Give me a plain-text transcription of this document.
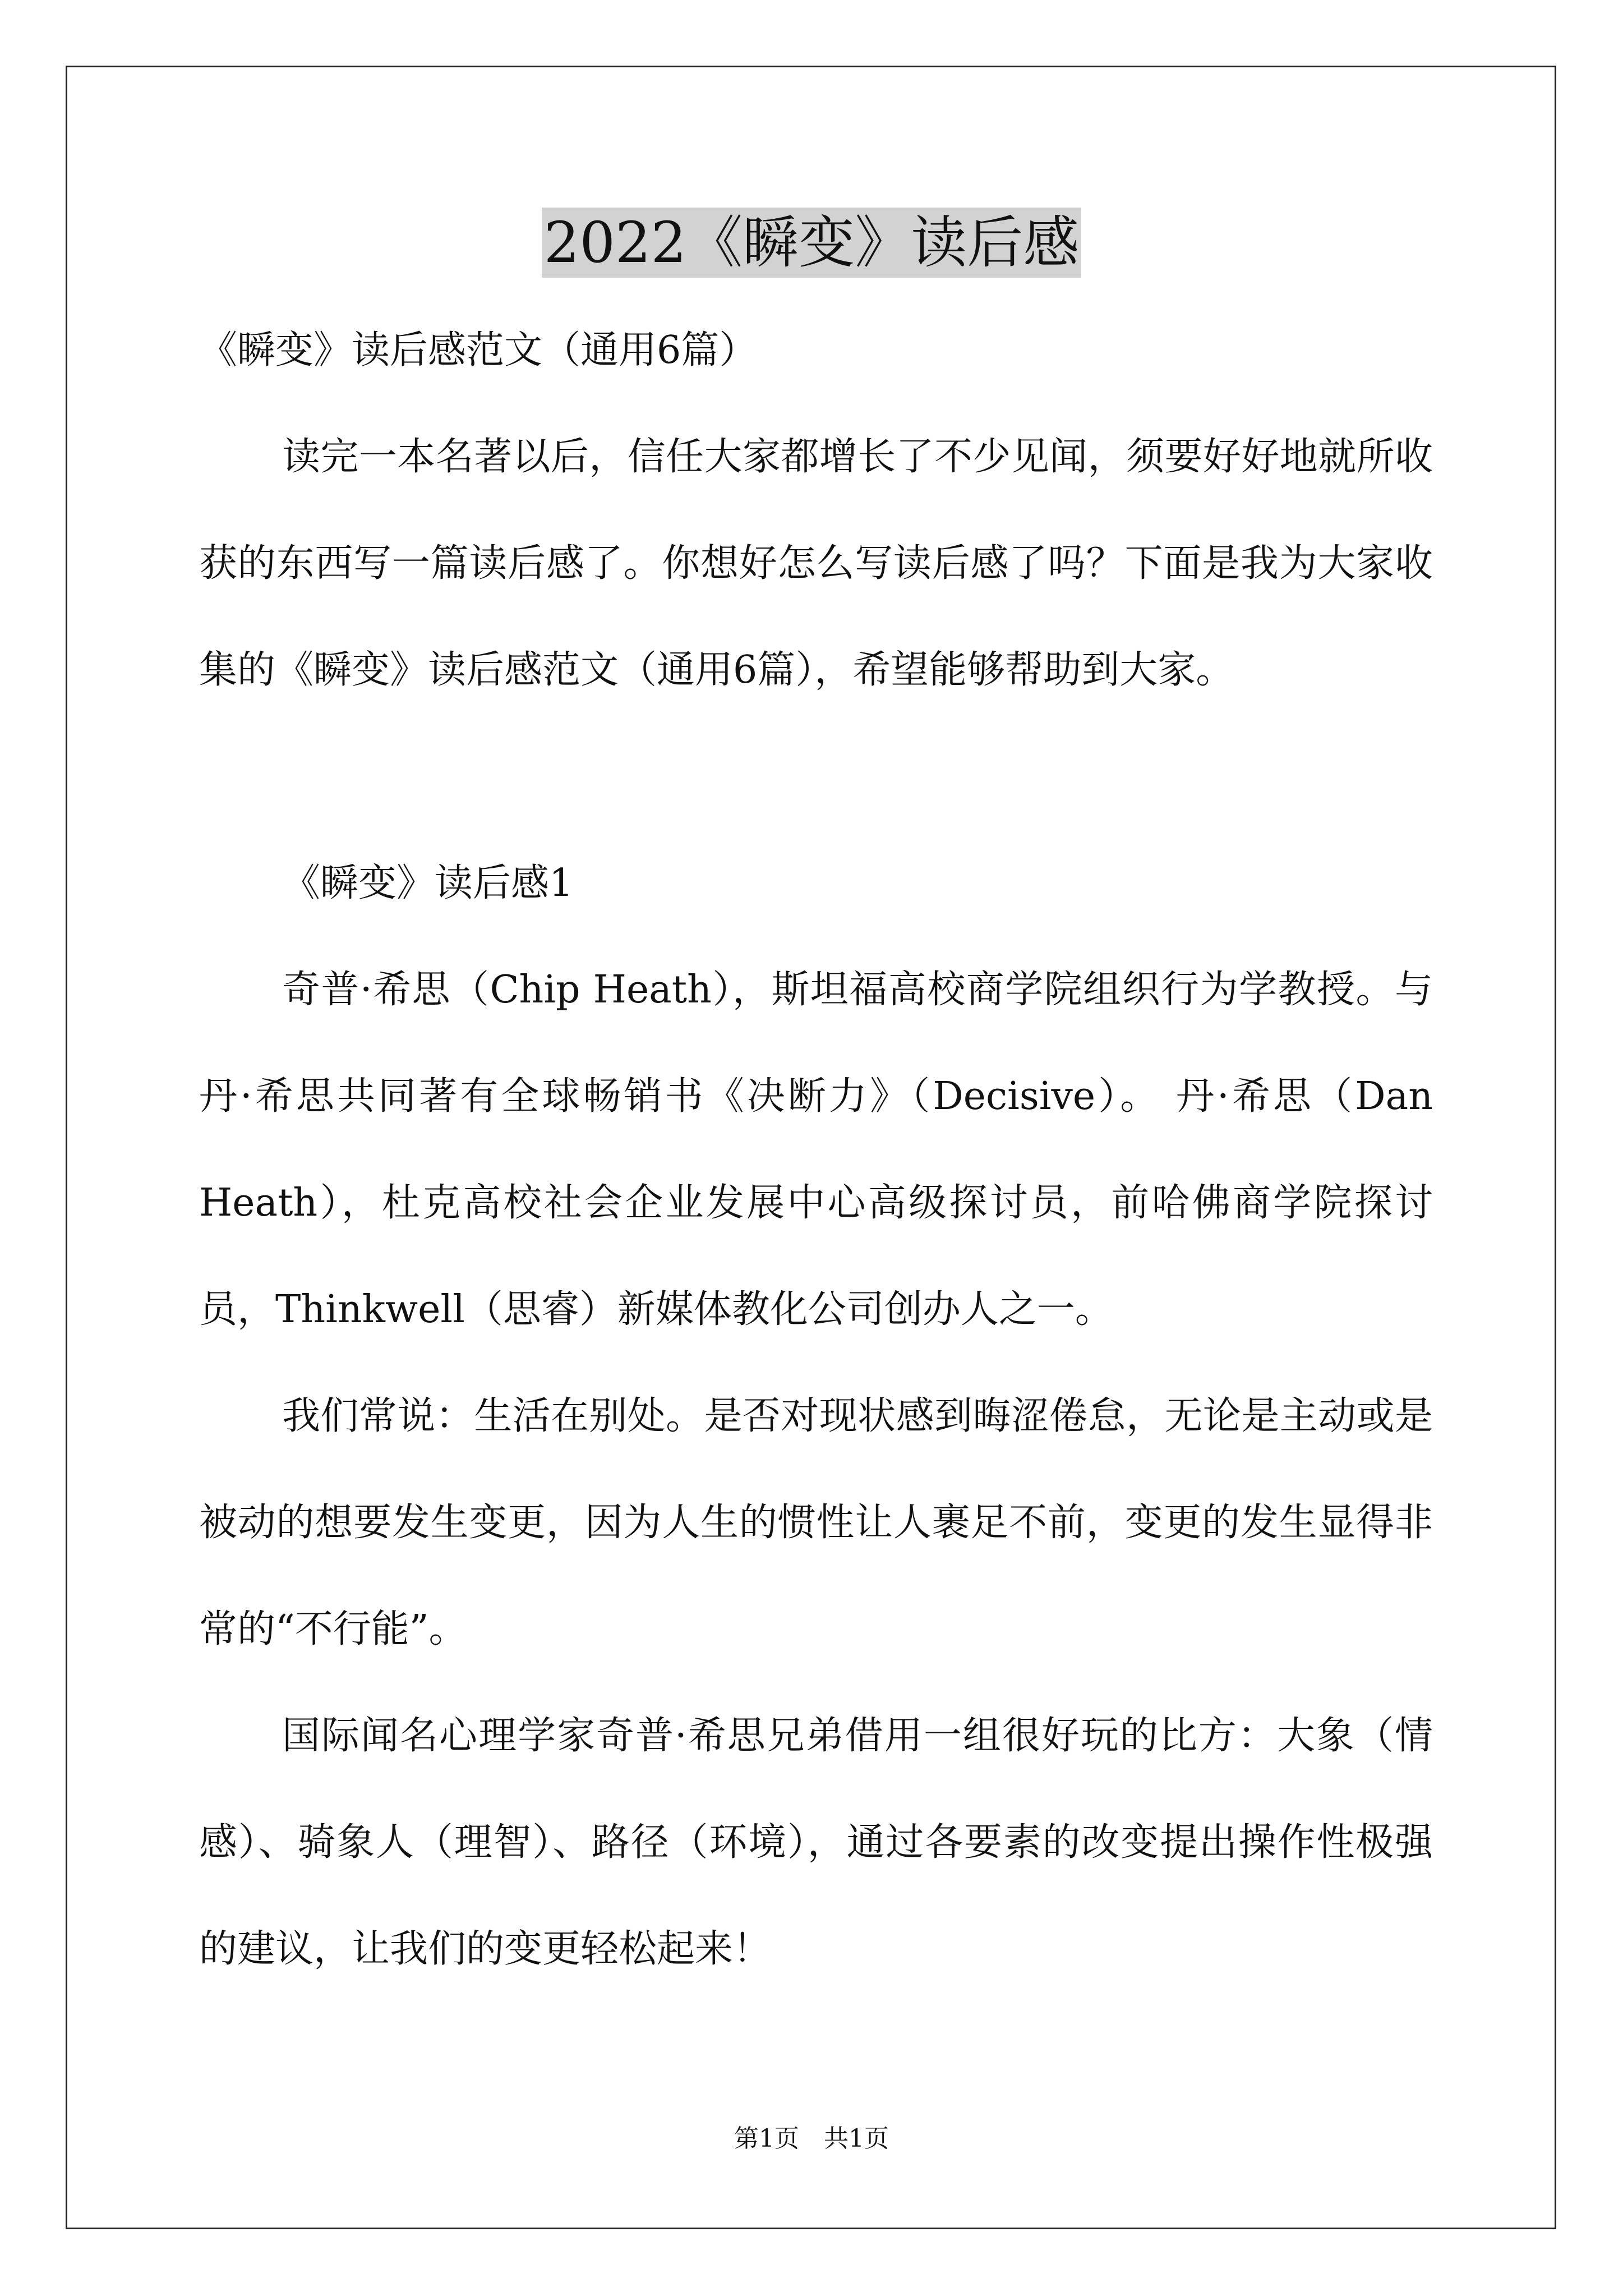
2022《瞬变》读后感

《瞬变》读后感范文（通用6篇）

读完一本名著以后，信任大家都增长了不少见闻，须要好好地就所收获的东西写一篇读后感了。你想好怎么写读后感了吗？下面是我为大家收集的《瞬变》读后感范文（通用6篇），希望能够帮助到大家。

《瞬变》读后感1

奇普·希思（Chip Heath），斯坦福高校商学院组织行为学教授。与丹·希思共同著有全球畅销书《决断力》（Decisive）。 丹·希思（Dan Heath），杜克高校社会企业发展中心高级探讨员，前哈佛商学院探讨员，Thinkwell（思睿）新媒体教化公司创办人之一。

我们常说：生活在别处。是否对现状感到晦涩倦怠，无论是主动或是被动的想要发生变更，因为人生的惯性让人裹足不前，变更的发生显得非常的“不行能”。

国际闻名心理学家奇普·希思兄弟借用一组很好玩的比方：大象（情感）、骑象人（理智）、路径（环境），通过各要素的改变提出操作性极强的建议，让我们的变更轻松起来！

第1页　共1页
